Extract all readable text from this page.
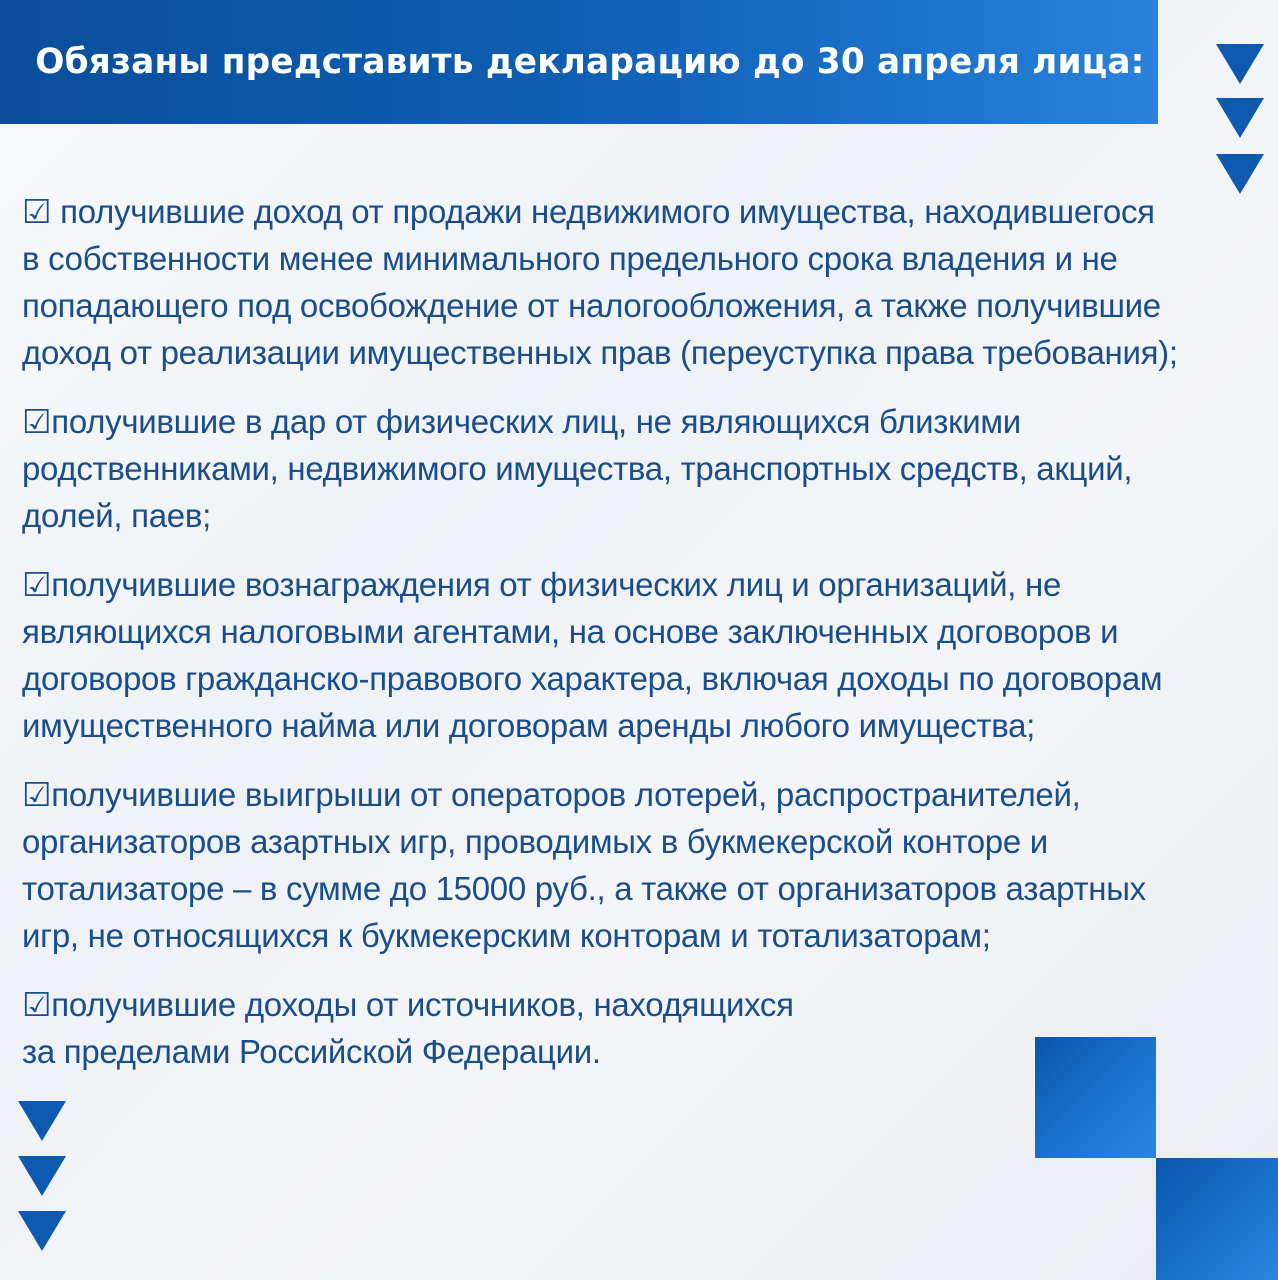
Обязаны представить декларацию до 30 апреля лица:
☑ получившие доход от продажи недвижимого имущества, находившегося
в собственности менее минимального предельного срока владения и не
попадающего под освобождение от налогообложения, а также получившие
доход от реализации имущественных прав (переуступка права требования);
☑получившие в дар от физических лиц, не являющихся близкими
родственниками, недвижимого имущества, транспортных средств, акций,
долей, паев;
☑получившие вознаграждения от физических лиц и организаций, не
являющихся налоговыми агентами, на основе заключенных договоров и
договоров гражданско-правового характера, включая доходы по договорам
имущественного найма или договорам аренды любого имущества;
☑получившие выигрыши от операторов лотерей, распространителей,
организаторов азартных игр, проводимых в букмекерской конторе и
тотализаторе – в сумме до 15000 руб., а также от организаторов азартных
игр, не относящихся к букмекерским конторам и тотализаторам;
☑получившие доходы от источников, находящихся
за пределами Российской Федерации.
